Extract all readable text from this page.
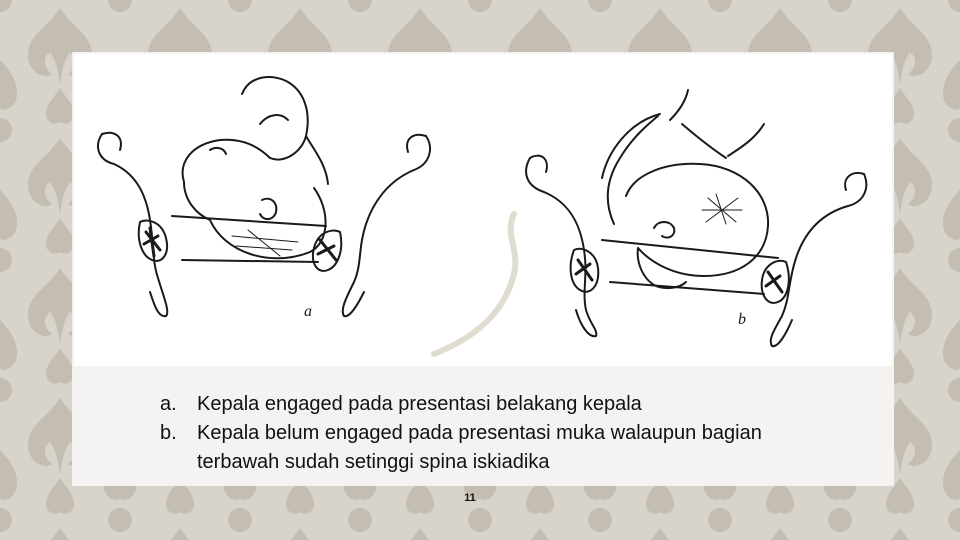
a	b
a.	Kepala engaged pada presentasi belakang kepala
b.	Kepala belum engaged pada presentasi muka walaupun bagian terbawah sudah setinggi spina iskiadika
11
